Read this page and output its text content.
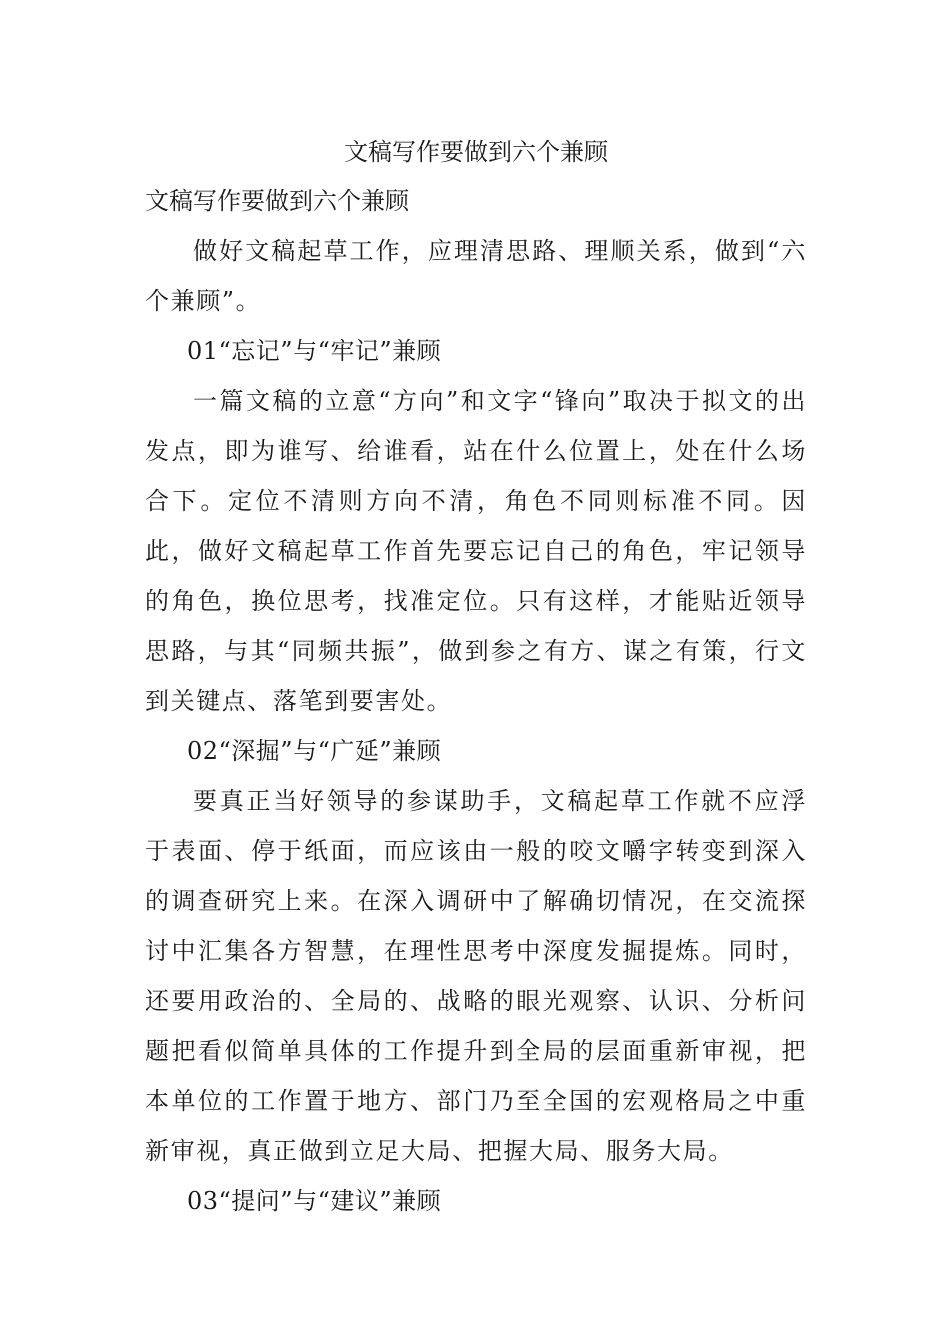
文稿写作要做到六个兼顾

文稿写作要做到六个兼顾

做好文稿起草工作，应理清思路、理顺关系，做到“六个兼顾”。

01“忘记”与“牢记”兼顾

一篇文稿的立意“方向”和文字“锋向”取决于拟文的出发点，即为谁写、给谁看，站在什么位置上，处在什么场合下。定位不清则方向不清，角色不同则标准不同。因此，做好文稿起草工作首先要忘记自己的角色，牢记领导的角色，换位思考，找准定位。只有这样，才能贴近领导思路，与其“同频共振”，做到参之有方、谋之有策，行文到关键点、落笔到要害处。

02“深掘”与“广延”兼顾

要真正当好领导的参谋助手，文稿起草工作就不应浮于表面、停于纸面，而应该由一般的咬文嚼字转变到深入的调查研究上来。在深入调研中了解确切情况，在交流探讨中汇集各方智慧，在理性思考中深度发掘提炼。同时，还要用政治的、全局的、战略的眼光观察、认识、分析问题把看似简单具体的工作提升到全局的层面重新审视，把本单位的工作置于地方、部门乃至全国的宏观格局之中重新审视，真正做到立足大局、把握大局、服务大局。

03“提问”与“建议”兼顾
